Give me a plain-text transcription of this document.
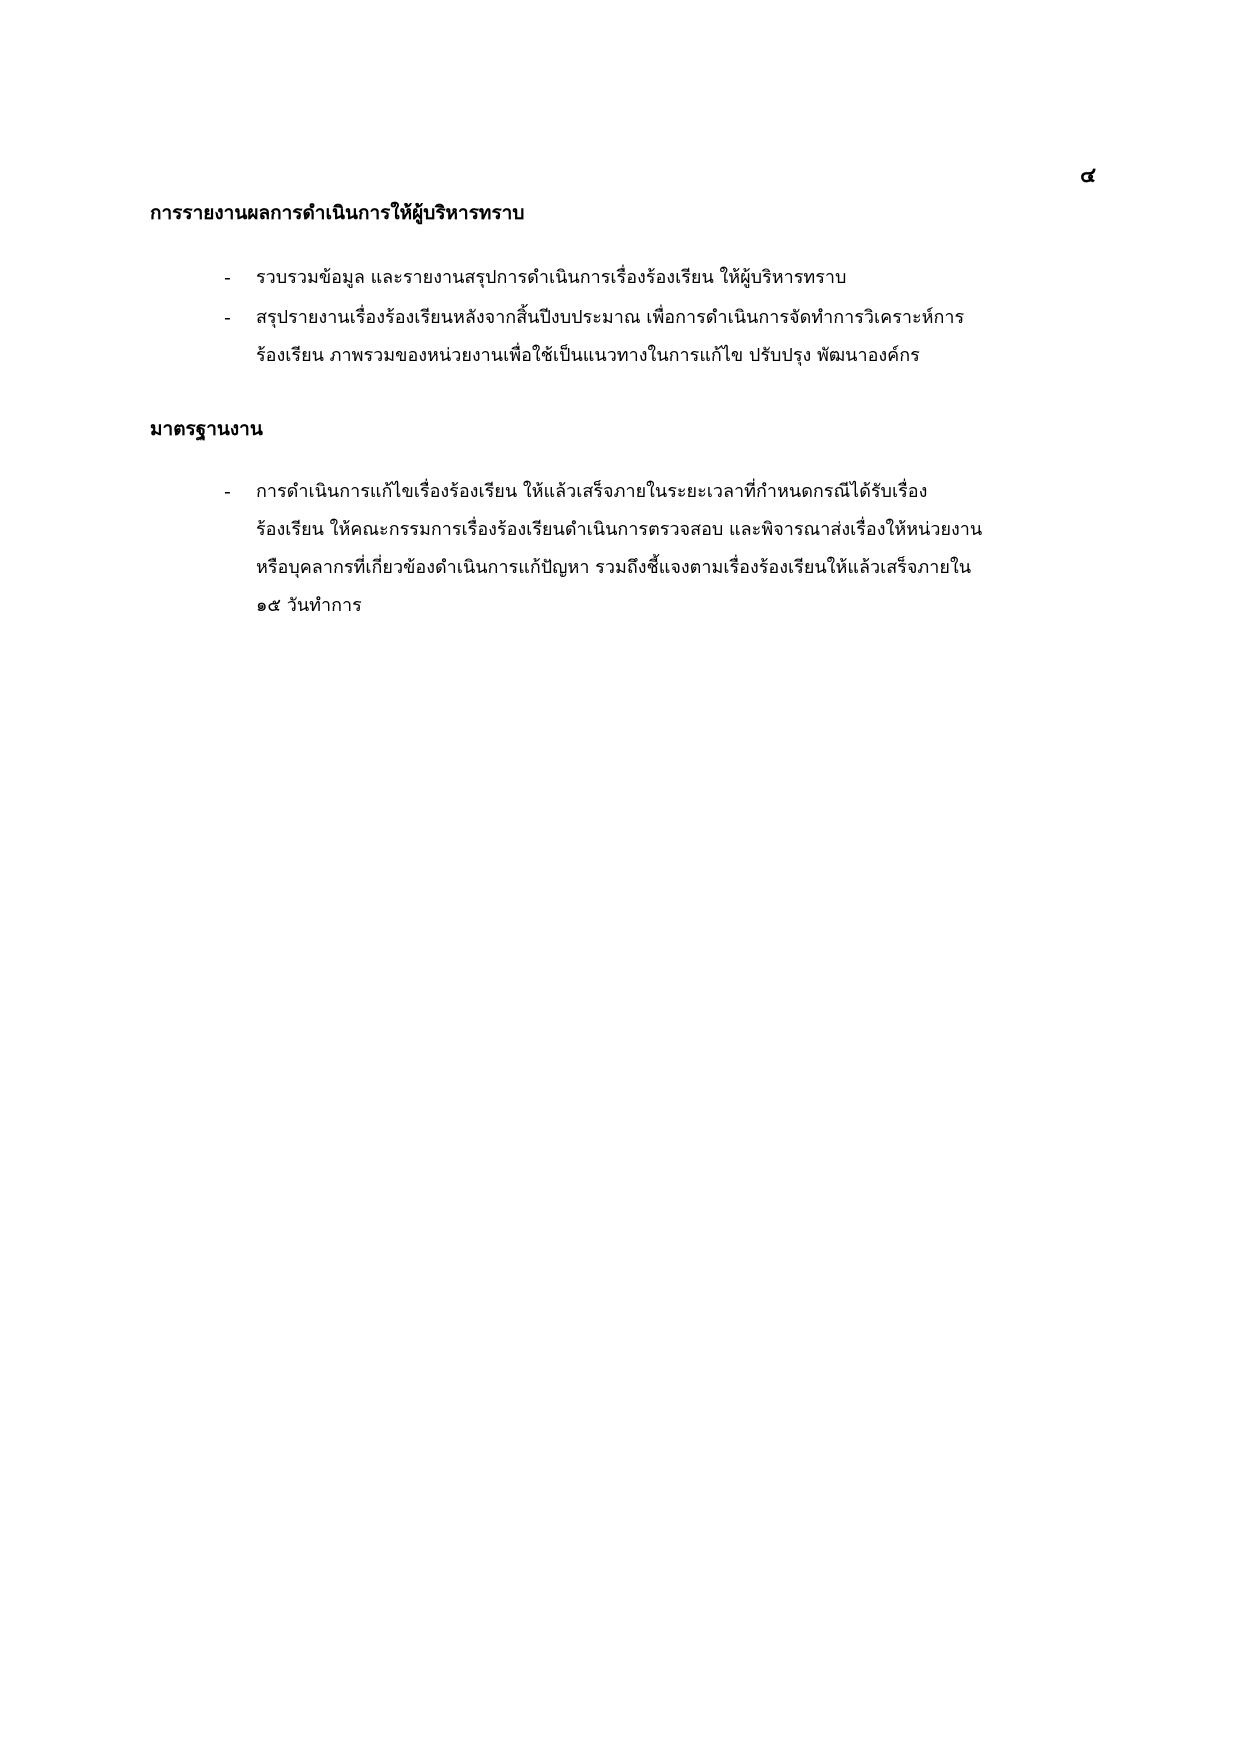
๔
การรายงานผลการดำเนินการให้ผู้บริหารทราบ
-	รวบรวมข้อมูล และรายงานสรุปการดำเนินการเรื่องร้องเรียน ให้ผู้บริหารทราบ
-	สรุปรายงานเรื่องร้องเรียนหลังจากสิ้นปีงบประมาณ เพื่อการดำเนินการจัดทำการวิเคราะห์การ
ร้องเรียน ภาพรวมของหน่วยงานเพื่อใช้เป็นแนวทางในการแก้ไข ปรับปรุง พัฒนาองค์กร
มาตรฐานงาน
-	การดำเนินการแก้ไขเรื่องร้องเรียน ให้แล้วเสร็จภายในระยะเวลาที่กำหนดกรณีได้รับเรื่อง
ร้องเรียน ให้คณะกรรมการเรื่องร้องเรียนดำเนินการตรวจสอบ และพิจารณาส่งเรื่องให้หน่วยงาน
หรือบุคลากรที่เกี่ยวข้องดำเนินการแก้ปัญหา รวมถึงชี้แจงตามเรื่องร้องเรียนให้แล้วเสร็จภายใน
๑๕ วันทำการ
